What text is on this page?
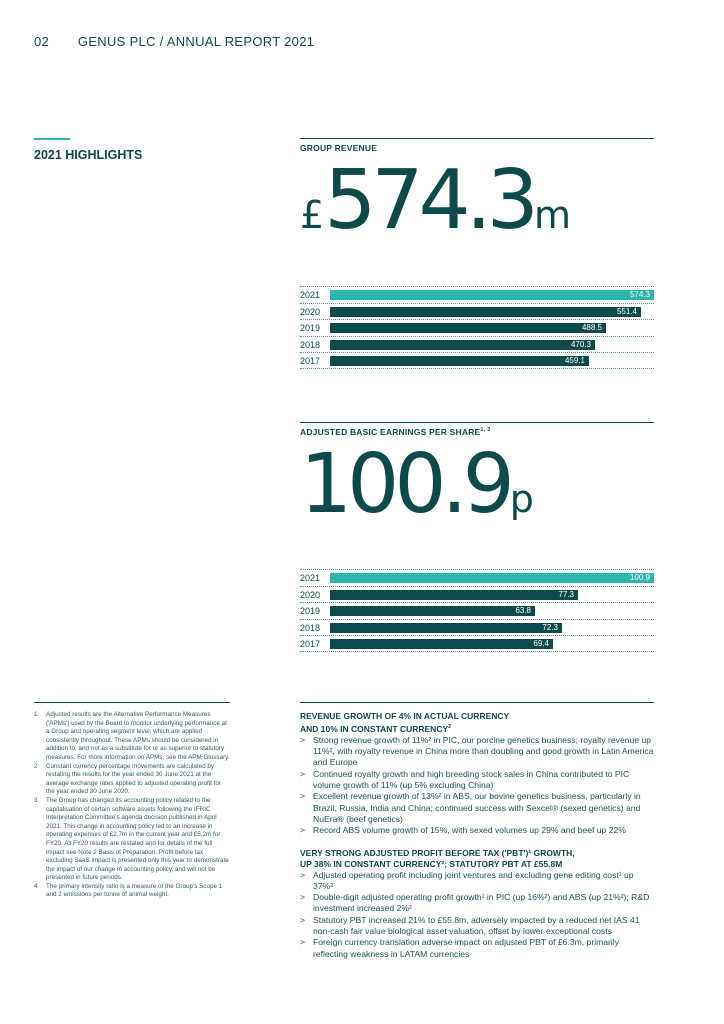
02 GENUS PLC / ANNUAL REPORT 2021
2021 HIGHLIGHTS	GROUP REVENUE
£574.3m
2021	574.3
2020	551.4
2019	488.5
2018	470.3
2017	459.1
ADJUSTED BASIC EARNINGS PER SHARE$^{1, 3}$
100.9p
2021	100.9
2020	77.3
2019	63.8
2018	72.3
2017	69.4
1	Adjusted results are the Alternative Performance Measures ('APMs') used by the Board to monitor underlying performance at a Group and operating segment level, which are applied consistently throughout. These APMs should be considered in addition to, and not as a substitute for or as superior to statutory measures. For more information on APMs, see the APM Glossary.
2	Constant currency percentage movements are calculated by restating the results for the year ended 30 June 2021 at the average exchange rates applied to adjusted operating profit for the year ended 30 June 2020.
3	The Group has changed its accounting policy related to the capitalisation of certain software assets following the IFRIC Interpretation Committee's agenda decision published in April 2021. This change in accounting policy led to an increase in operating expenses of £2.7m in the current year and £5.2m for FY20. All FY20 results are restated and for details of the full impact see Note 2 Basis of Preparation. Profit before tax excluding SaaS impact is presented only this year to demonstrate the impact of our change in accounting policy, and will not be presented in future periods.
4	The primary intensity ratio is a measure of the Group's Scope 1 and 2 emissions per tonne of animal weight.
REVENUE GROWTH OF 4% IN ACTUAL CURRENCY
AND 10% IN CONSTANT $CURRENCY^2$
> Strong revenue growth of 11%² in PIC, our porcine genetics business; royalty revenue up 11%², with royalty revenue in China more than doubling and good growth in Latin America and Europe
> Continued royalty growth and high breeding stock sales in China contributed to PIC volume growth of 11% (up 5% excluding China)
> Excellent revenue growth of 13%² in ABS, our bovine genetics business, particularly in Brazil, Russia, India and China; continued success with Sexcel® (sexed genetics) and NuEra® (beef genetics)
> Record ABS volume growth of 15%, with sexed volumes up 29% and beef up 22%
VERY STRONG ADJUSTED PROFIT BEFORE TAX ('PBT')¹ GROWTH,
UP 38% IN CONSTANT CURRENCY²; STATUTORY PBT AT £55.8M
> Adjusted operating profit including joint ventures and excluding gene editing cost¹ up 37%²
> Double-digit adjusted operating profit growth¹ in PIC (up 16%²) and ABS (up 21%²); R&D investment increased 2%²
> Statutory PBT increased 21% to £55.8m, adversely impacted by a reduced net IAS 41 non-cash fair value biological asset valuation, offset by lower exceptional costs
> Foreign currency translation adverse impact on adjusted PBT of £6.3m, primarily reflecting weakness in LATAM currencies
